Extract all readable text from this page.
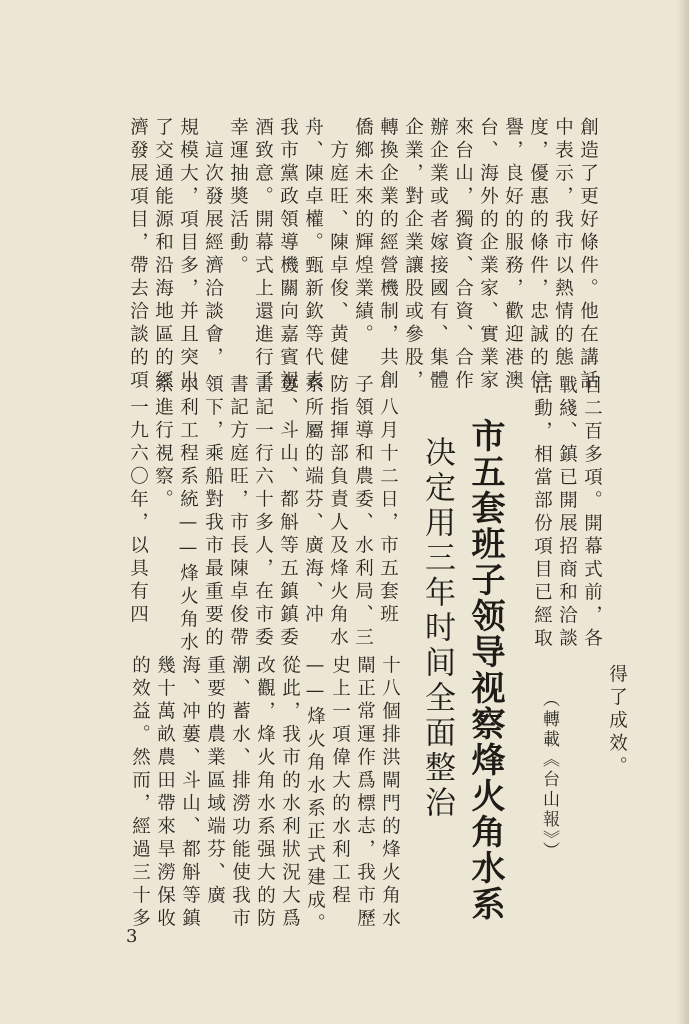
濟發展項目，帶去洽談的項 了交通能源和沿海地區的經 規模大，項目多，并且突出 　這次發展經濟洽談會， 幸運抽奬活動。 酒致意。開幕式上還進行了 我市黨政領導機關向嘉賓祝 舟、陳卓權。甄新欽等代表 　方庭旺、陳卓俊、黄健 僑鄉未來的輝煌業績。 轉換企業的經營機制，共創 企業，對企業讓股或參股， 辦企業或者嫁接國有、集體 來台山，獨資、合資、合作 台、海外的企業家、實業家 譽，良好的服務，歡迎港澳 度，優惠的條件，忠誠的信 中表示，我市以熱情的態 創造了更好條件。他在講話
活動，相當部份項目已經取 戰綫、鎮已開展招商和洽談 目二百多項。開幕式前，各
得了成效。
（轉載《台山報》）
市五套班子领导视察烽火角水系
决定用三年时间全面整治
　一九六〇年，以具有四 系進行視察。 水利工程系統——烽火角水 領下，乘船對我市最重要的 書記方庭旺，市長陳卓俊帶 書記一行六十多人，在市委 蔞、斗山、都斛等五鎮鎮委 系所屬的端芬、廣海、冲 防指揮部負責人及烽火角水 子領導和農委、水利局、三 　八月十二日，市五套班
的效益。然而，經過三十多 幾十萬畝農田帶來旱澇保收 海、冲蔞、斗山、都斛等鎮 重要的農業區域端芬、廣 潮、蓄水、排澇功能使我市 改觀，烽火角水系强大的防 從此，我市的水利狀況大爲 ——烽火角水系正式建成。 史上一項偉大的水利工程 閘正常運作爲標志，我市歷 十八個排洪閘門的烽火角水
3
